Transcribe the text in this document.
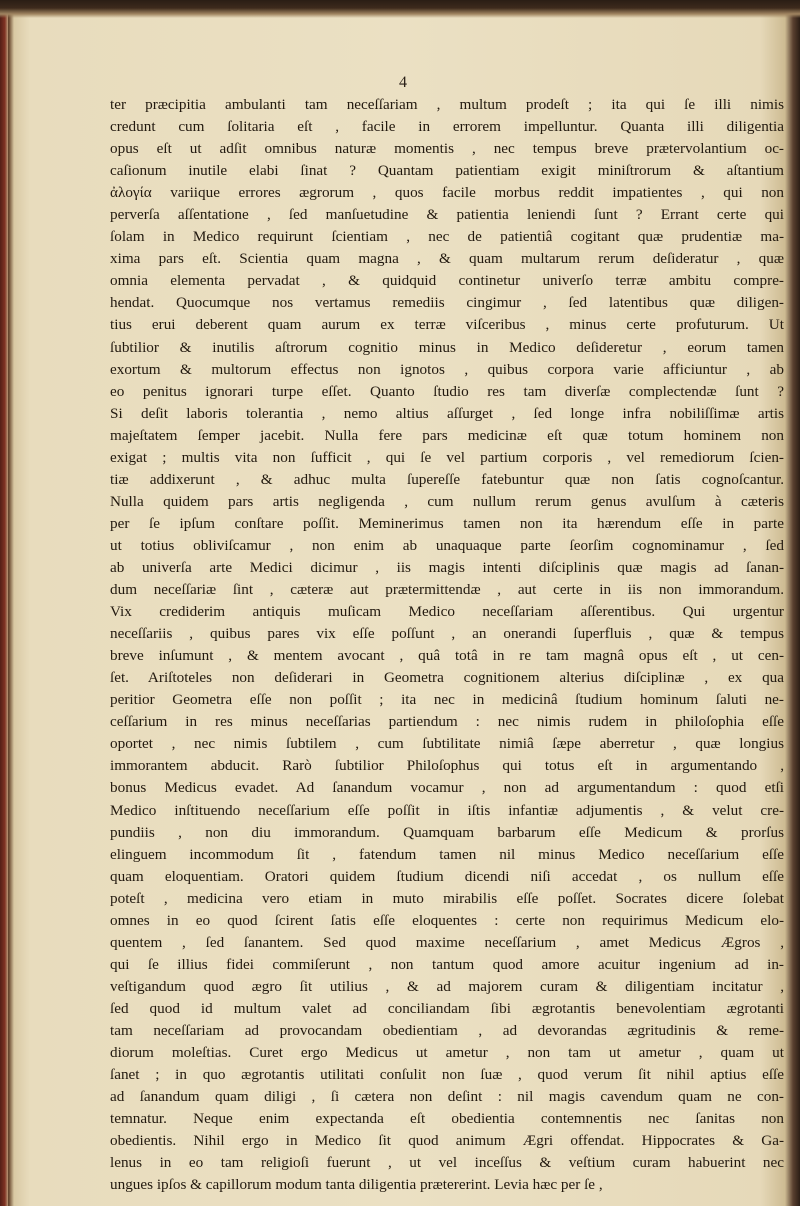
4
ter præcipitia ambulanti tam neceſſariam , multum prodeſt ; ita qui ſe illi nimis
credunt cum ſolitaria eſt , facile in errorem impelluntur. Quanta illi diligentia
opus eſt ut adſit omnibus naturæ momentis , nec tempus breve prætervolantium oc-
caſionum inutile elabi ſinat ? Quantam patientiam exigit miniſtrorum & aſtantium
ἀλογία variique errores ægrorum , quos facile morbus reddit impatientes , qui non
perverſa aſſentatione , ſed manſuetudine & patientia leniendi ſunt ? Errant certe qui
ſolam in Medico requirunt ſcientiam , nec de patientiâ cogitant quæ prudentiæ ma-
xima pars eſt. Scientia quam magna , & quam multarum rerum deſideratur , quæ
omnia elementa pervadat , & quidquid continetur univerſo terræ ambitu compre-
hendat. Quocumque nos vertamus remediis cingimur , ſed latentibus quæ diligen-
tius erui deberent quam aurum ex terræ viſceribus , minus certe profuturum. Ut
ſubtilior & inutilis aſtrorum cognitio minus in Medico deſideretur , eorum tamen
exortum & multorum effectus non ignotos , quibus corpora varie afficiuntur , ab
eo penitus ignorari turpe eſſet. Quanto ſtudio res tam diverſæ complectendæ ſunt ?
Si deſit laboris tolerantia , nemo altius aſſurget , ſed longe infra nobiliſſimæ artis
majeſtatem ſemper jacebit. Nulla fere pars medicinæ eſt quæ totum hominem non
exigat ; multis vita non ſufficit , qui ſe vel partium corporis , vel remediorum ſcien-
tiæ addixerunt , & adhuc multa ſupereſſe fatebuntur quæ non ſatis cognoſcantur.
Nulla quidem pars artis negligenda , cum nullum rerum genus avulſum à cæteris
per ſe ipſum conſtare poſſit. Meminerimus tamen non ita hærendum eſſe in parte
ut totius obliviſcamur , non enim ab unaquaque parte ſeorſim cognominamur , ſed
ab univerſa arte Medici dicimur , iis magis intenti diſciplinis quæ magis ad ſanan-
dum neceſſariæ ſint , cæteræ aut prætermittendæ , aut certe in iis non immorandum.
Vix crediderim antiquis muſicam Medico neceſſariam aſſerentibus. Qui urgentur
neceſſariis , quibus pares vix eſſe poſſunt , an onerandi ſuperfluis , quæ & tempus
breve inſumunt , & mentem avocant , quâ totâ in re tam magnâ opus eſt , ut cen-
ſet. Ariſtoteles non deſiderari in Geometra cognitionem alterius diſciplinæ , ex qua
peritior Geometra eſſe non poſſit ; ita nec in medicinâ ſtudium hominum ſaluti ne-
ceſſarium in res minus neceſſarias partiendum : nec nimis rudem in philoſophia eſſe
oportet , nec nimis ſubtilem , cum ſubtilitate nimiâ ſæpe aberretur , quæ longius
immorantem abducit. Rarò ſubtilior Philoſophus qui totus eſt in argumentando ,
bonus Medicus evadet. Ad ſanandum vocamur , non ad argumentandum : quod etſi
Medico inſtituendo neceſſarium eſſe poſſit in iſtis infantiæ adjumentis , & velut cre-
pundiis , non diu immorandum. Quamquam barbarum eſſe Medicum & prorſus
elinguem incommodum ſit , fatendum tamen nil minus Medico neceſſarium eſſe
quam eloquentiam. Oratori quidem ſtudium dicendi niſi accedat , os nullum eſſe
poteſt , medicina vero etiam in muto mirabilis eſſe poſſet. Socrates dicere ſolebat
omnes in eo quod ſcirent ſatis eſſe eloquentes : certe non requirimus Medicum elo-
quentem , ſed ſanantem. Sed quod maxime neceſſarium , amet Medicus Ægros ,
qui ſe illius fidei commiſerunt , non tantum quod amore acuitur ingenium ad in-
veſtigandum quod ægro ſit utilius , & ad majorem curam & diligentiam incitatur ,
ſed quod id multum valet ad conciliandam ſibi ægrotantis benevolentiam ægrotanti
tam neceſſariam ad provocandam obedientiam , ad devorandas ægritudinis & reme-
diorum moleſtias. Curet ergo Medicus ut ametur , non tam ut ametur , quam ut
ſanet ; in quo ægrotantis utilitati conſulit non ſuæ , quod verum ſit nihil aptius eſſe
ad ſanandum quam diligi , ſi cætera non deſint : nil magis cavendum quam ne con-
temnatur. Neque enim expectanda eſt obedientia contemnentis nec ſanitas non
obedientis. Nihil ergo in Medico ſit quod animum Ægri offendat. Hippocrates & Ga-
lenus in eo tam religioſi fuerunt , ut vel inceſſus & veſtium curam habuerint nec
ungues ipſos & capillorum modum tanta diligentia prætererint. Levia hæc per ſe ,
